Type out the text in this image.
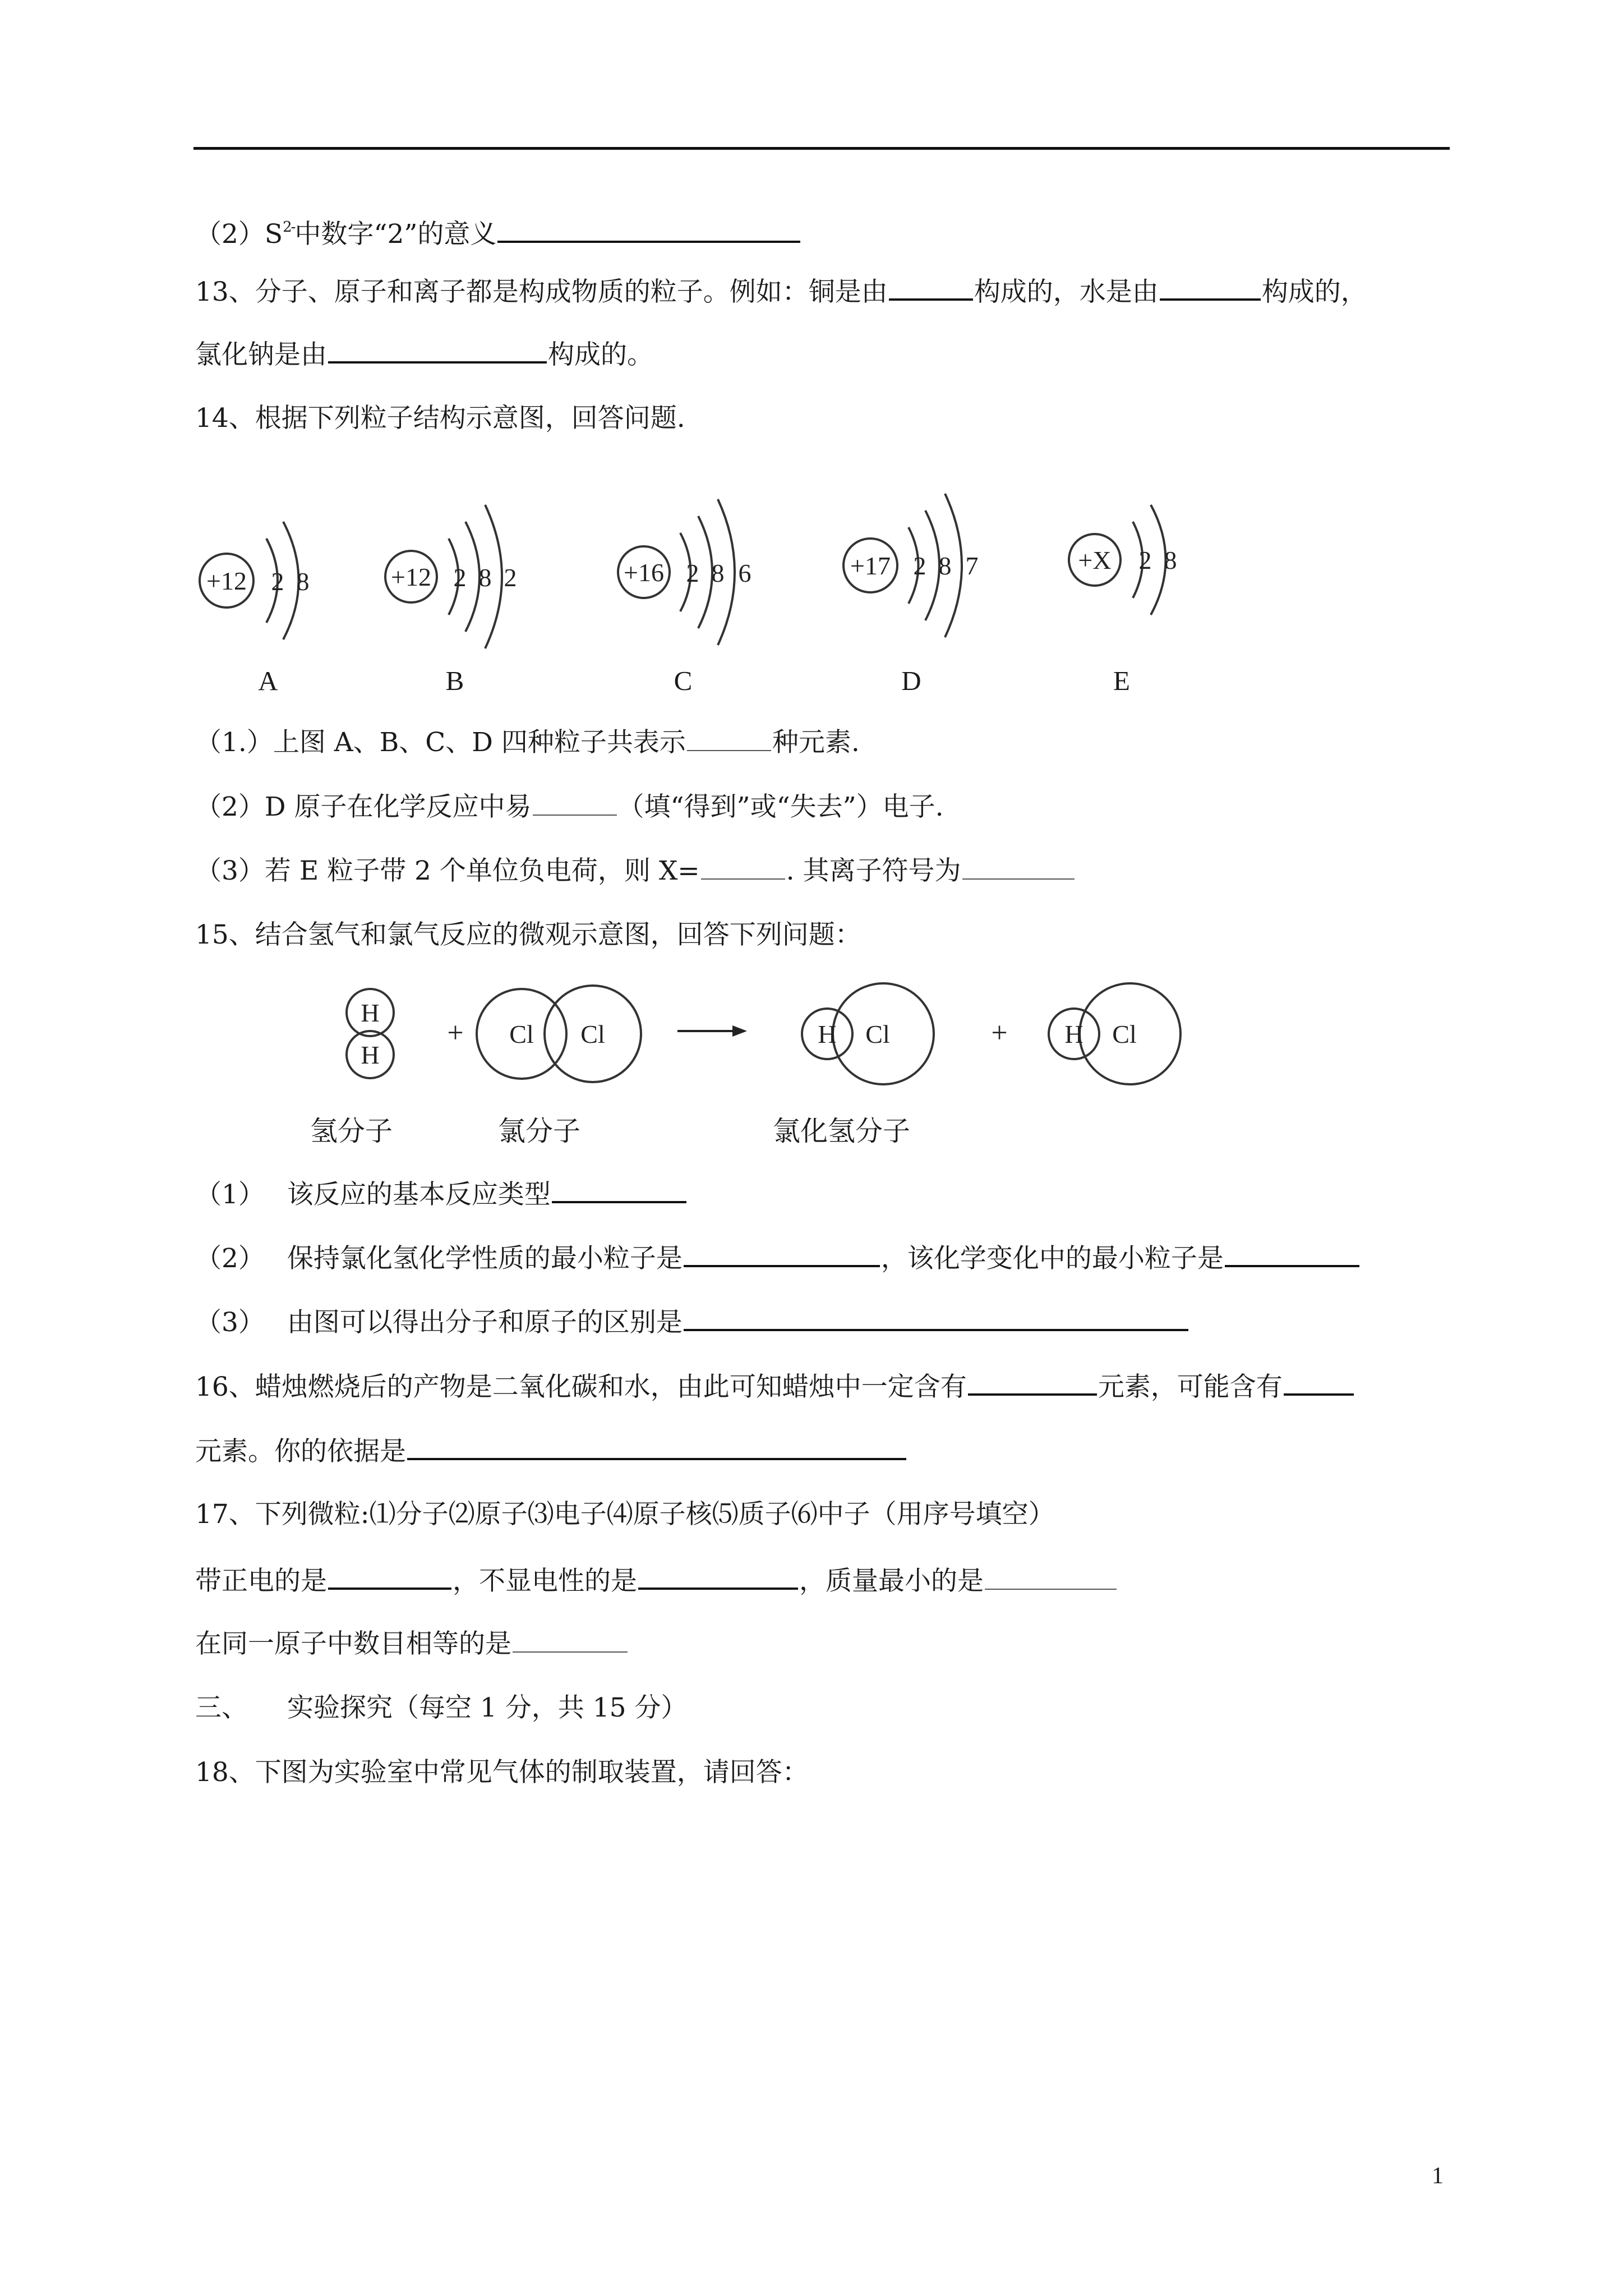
$(2)S^{2-}$中数字“2”的意义
13、分子、原子和离子都是构成物质的粒子。例如：铜是由	构成的，水是由	构成的，
氯化钠是由	构成的。
14、根据下列粒子结构示意图，回答问题.
+12 2 8	+12 2 8 2	+16 2 8 6	+17 2 8 7	+X 2 8
A	B	C	D	E
（1.）上图 A、B、C、D 四种粒子共表示	种元素.
（2）D 原子在化学反应中易	（填“得到”或“失去”）电子.
（3）若 E 粒子带 2 个单位负电荷，则 X=	. 其离子符号为
15、结合氢气和氯气反应的微观示意图，回答下列问题：
H
H
Cl Cl	H Cl	H Cl
+	+
氢分子	氯分子	氯化氢分子
（1） 该反应的基本反应类型
（2） 保持氯化氢化学性质的最小粒子是	，该化学变化中的最小粒子是
（3） 由图可以得出分子和原子的区别是
16、蜡烛燃烧后的产物是二氧化碳和水，由此可知蜡烛中一定含有	元素，可能含有
元素。你的依据是
17、下列微粒:⑴分子⑵原子⑶电子⑷原子核⑸质子⑹中子（用序号填空）
带正电的是	，不显电性的是	，质量最小的是
在同一原子中数目相等的是
三、 实验探究（每空 1 分，共 15 分）
18、下图为实验室中常见气体的制取装置，请回答：
1
